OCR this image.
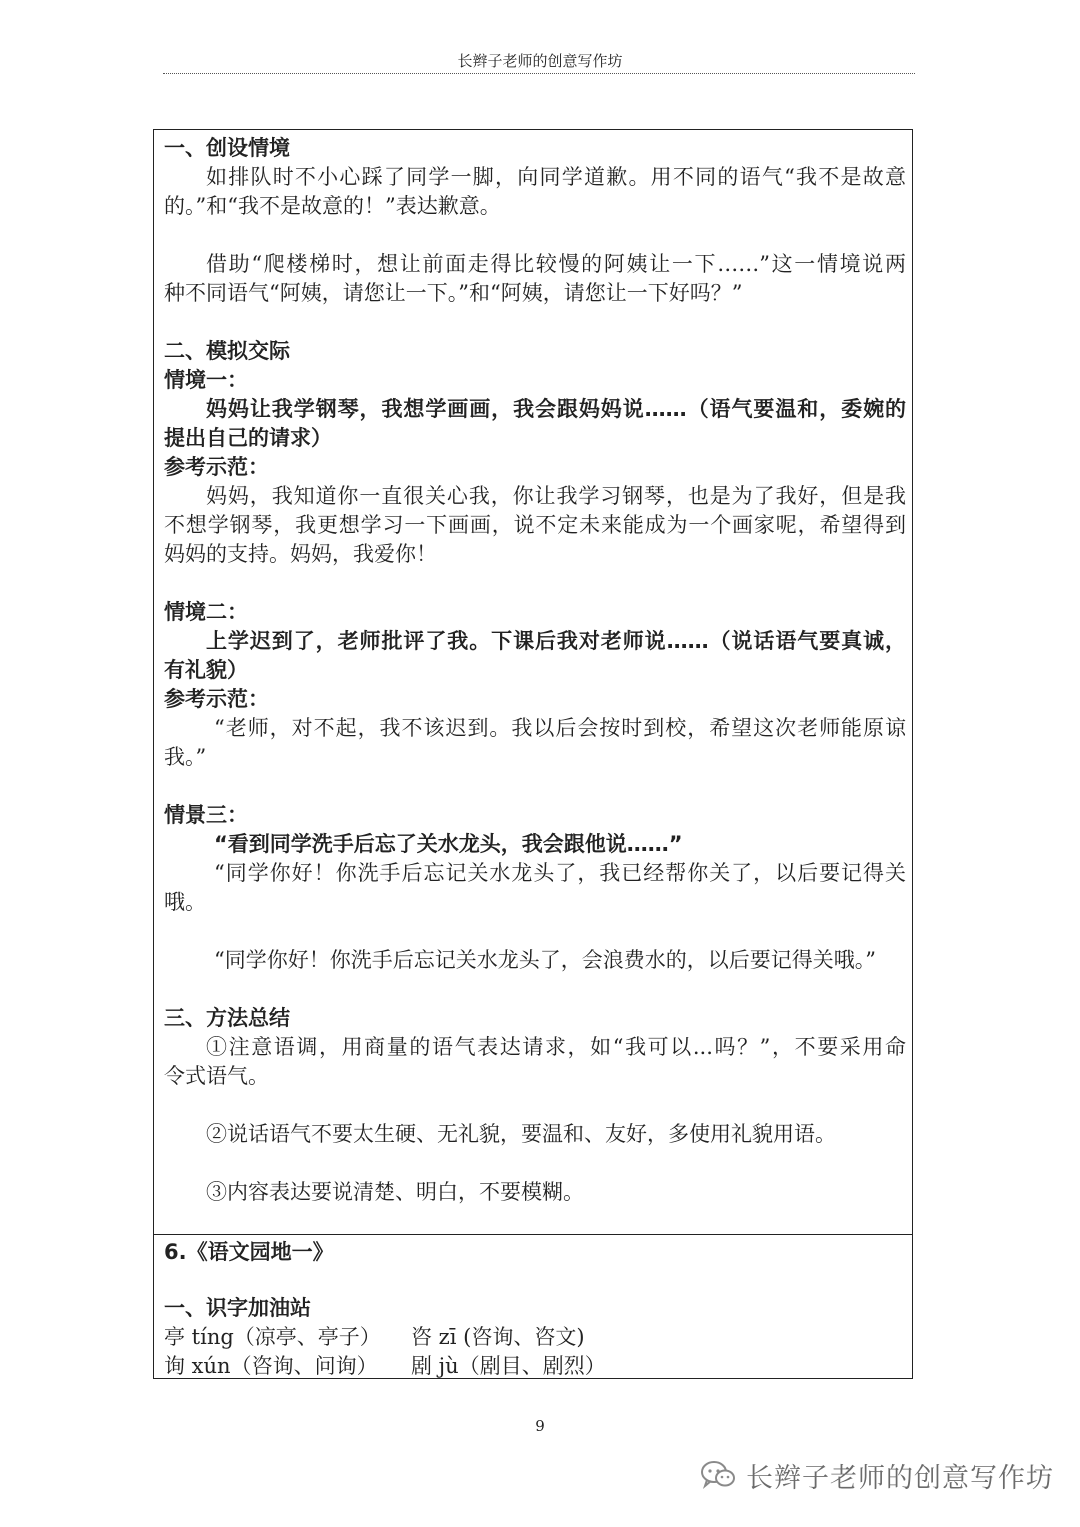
长辫子老师的创意写作坊
一、创设情境
如排队时不小心踩了同学一脚，向同学道歉。用不同的语气“我不是故意
的。”和“我不是故意的！”表达歉意。
借助“爬楼梯时，想让前面走得比较慢的阿姨让一下……”这一情境说两
种不同语气“阿姨，请您让一下。”和“阿姨，请您让一下好吗？”
二、模拟交际
情境一：
妈妈让我学钢琴，我想学画画，我会跟妈妈说……（语气要温和，委婉的
提出自己的请求）
参考示范：
妈妈，我知道你一直很关心我，你让我学习钢琴，也是为了我好，但是我
不想学钢琴，我更想学习一下画画，说不定未来能成为一个画家呢，希望得到
妈妈的支持。妈妈，我爱你！
情境二：
上学迟到了，老师批评了我。下课后我对老师说……（说话语气要真诚，
有礼貌）
参考示范：
“老师，对不起，我不该迟到。我以后会按时到校，希望这次老师能原谅
我。”
情景三：
“看到同学洗手后忘了关水龙头，我会跟他说……”
“同学你好！你洗手后忘记关水龙头了，我已经帮你关了，以后要记得关
哦。
“同学你好！你洗手后忘记关水龙头了，会浪费水的，以后要记得关哦。”
三、方法总结
①注意语调，用商量的语气表达请求，如“我可以...吗？”，不要采用命
令式语气。
②说话语气不要太生硬、无礼貌，要温和、友好，多使用礼貌用语。
③内容表达要说清楚、明白，不要模糊。
6.《语文园地一》
一、识字加油站
亭 tíng（凉亭、亭子）	咨 zī (咨询、咨文)
询 xún（咨询、问询）	剧 jù（剧目、剧烈）
9
长辫子老师的创意写作坊
